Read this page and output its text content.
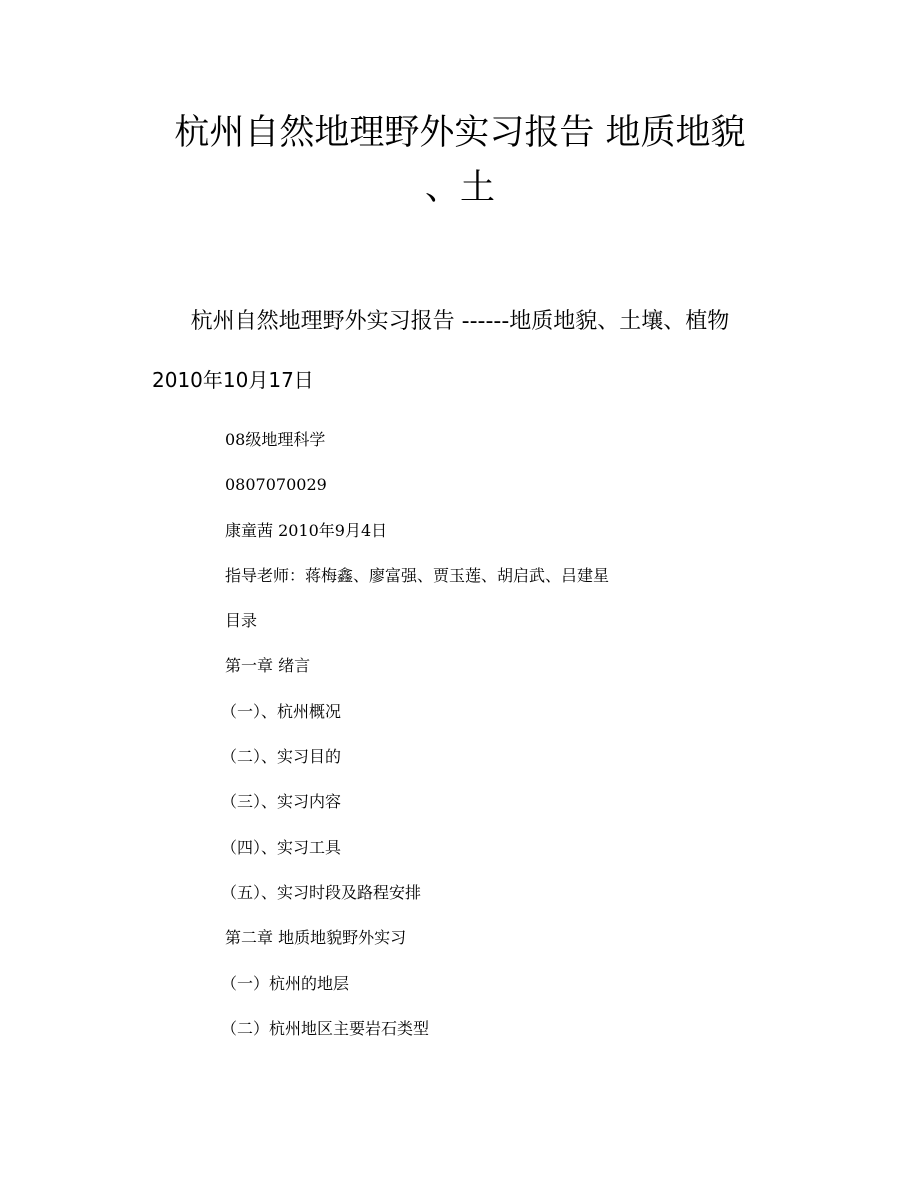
杭州自然地理野外实习报告 地质地貌
、土
杭州自然地理野外实习报告 ------地质地貌、土壤、植物
2010年10月17日
08级地理科学
0807070029
康童茜 2010年9月4日
指导老师：蒋梅鑫、廖富强、贾玉莲、胡启武、吕建星
目录
第一章 绪言
（一）、杭州概况
（二）、实习目的
（三）、实习内容
（四）、实习工具
（五）、实习时段及路程安排
第二章 地质地貌野外实习
（一）杭州的地层
（二）杭州地区主要岩石类型
